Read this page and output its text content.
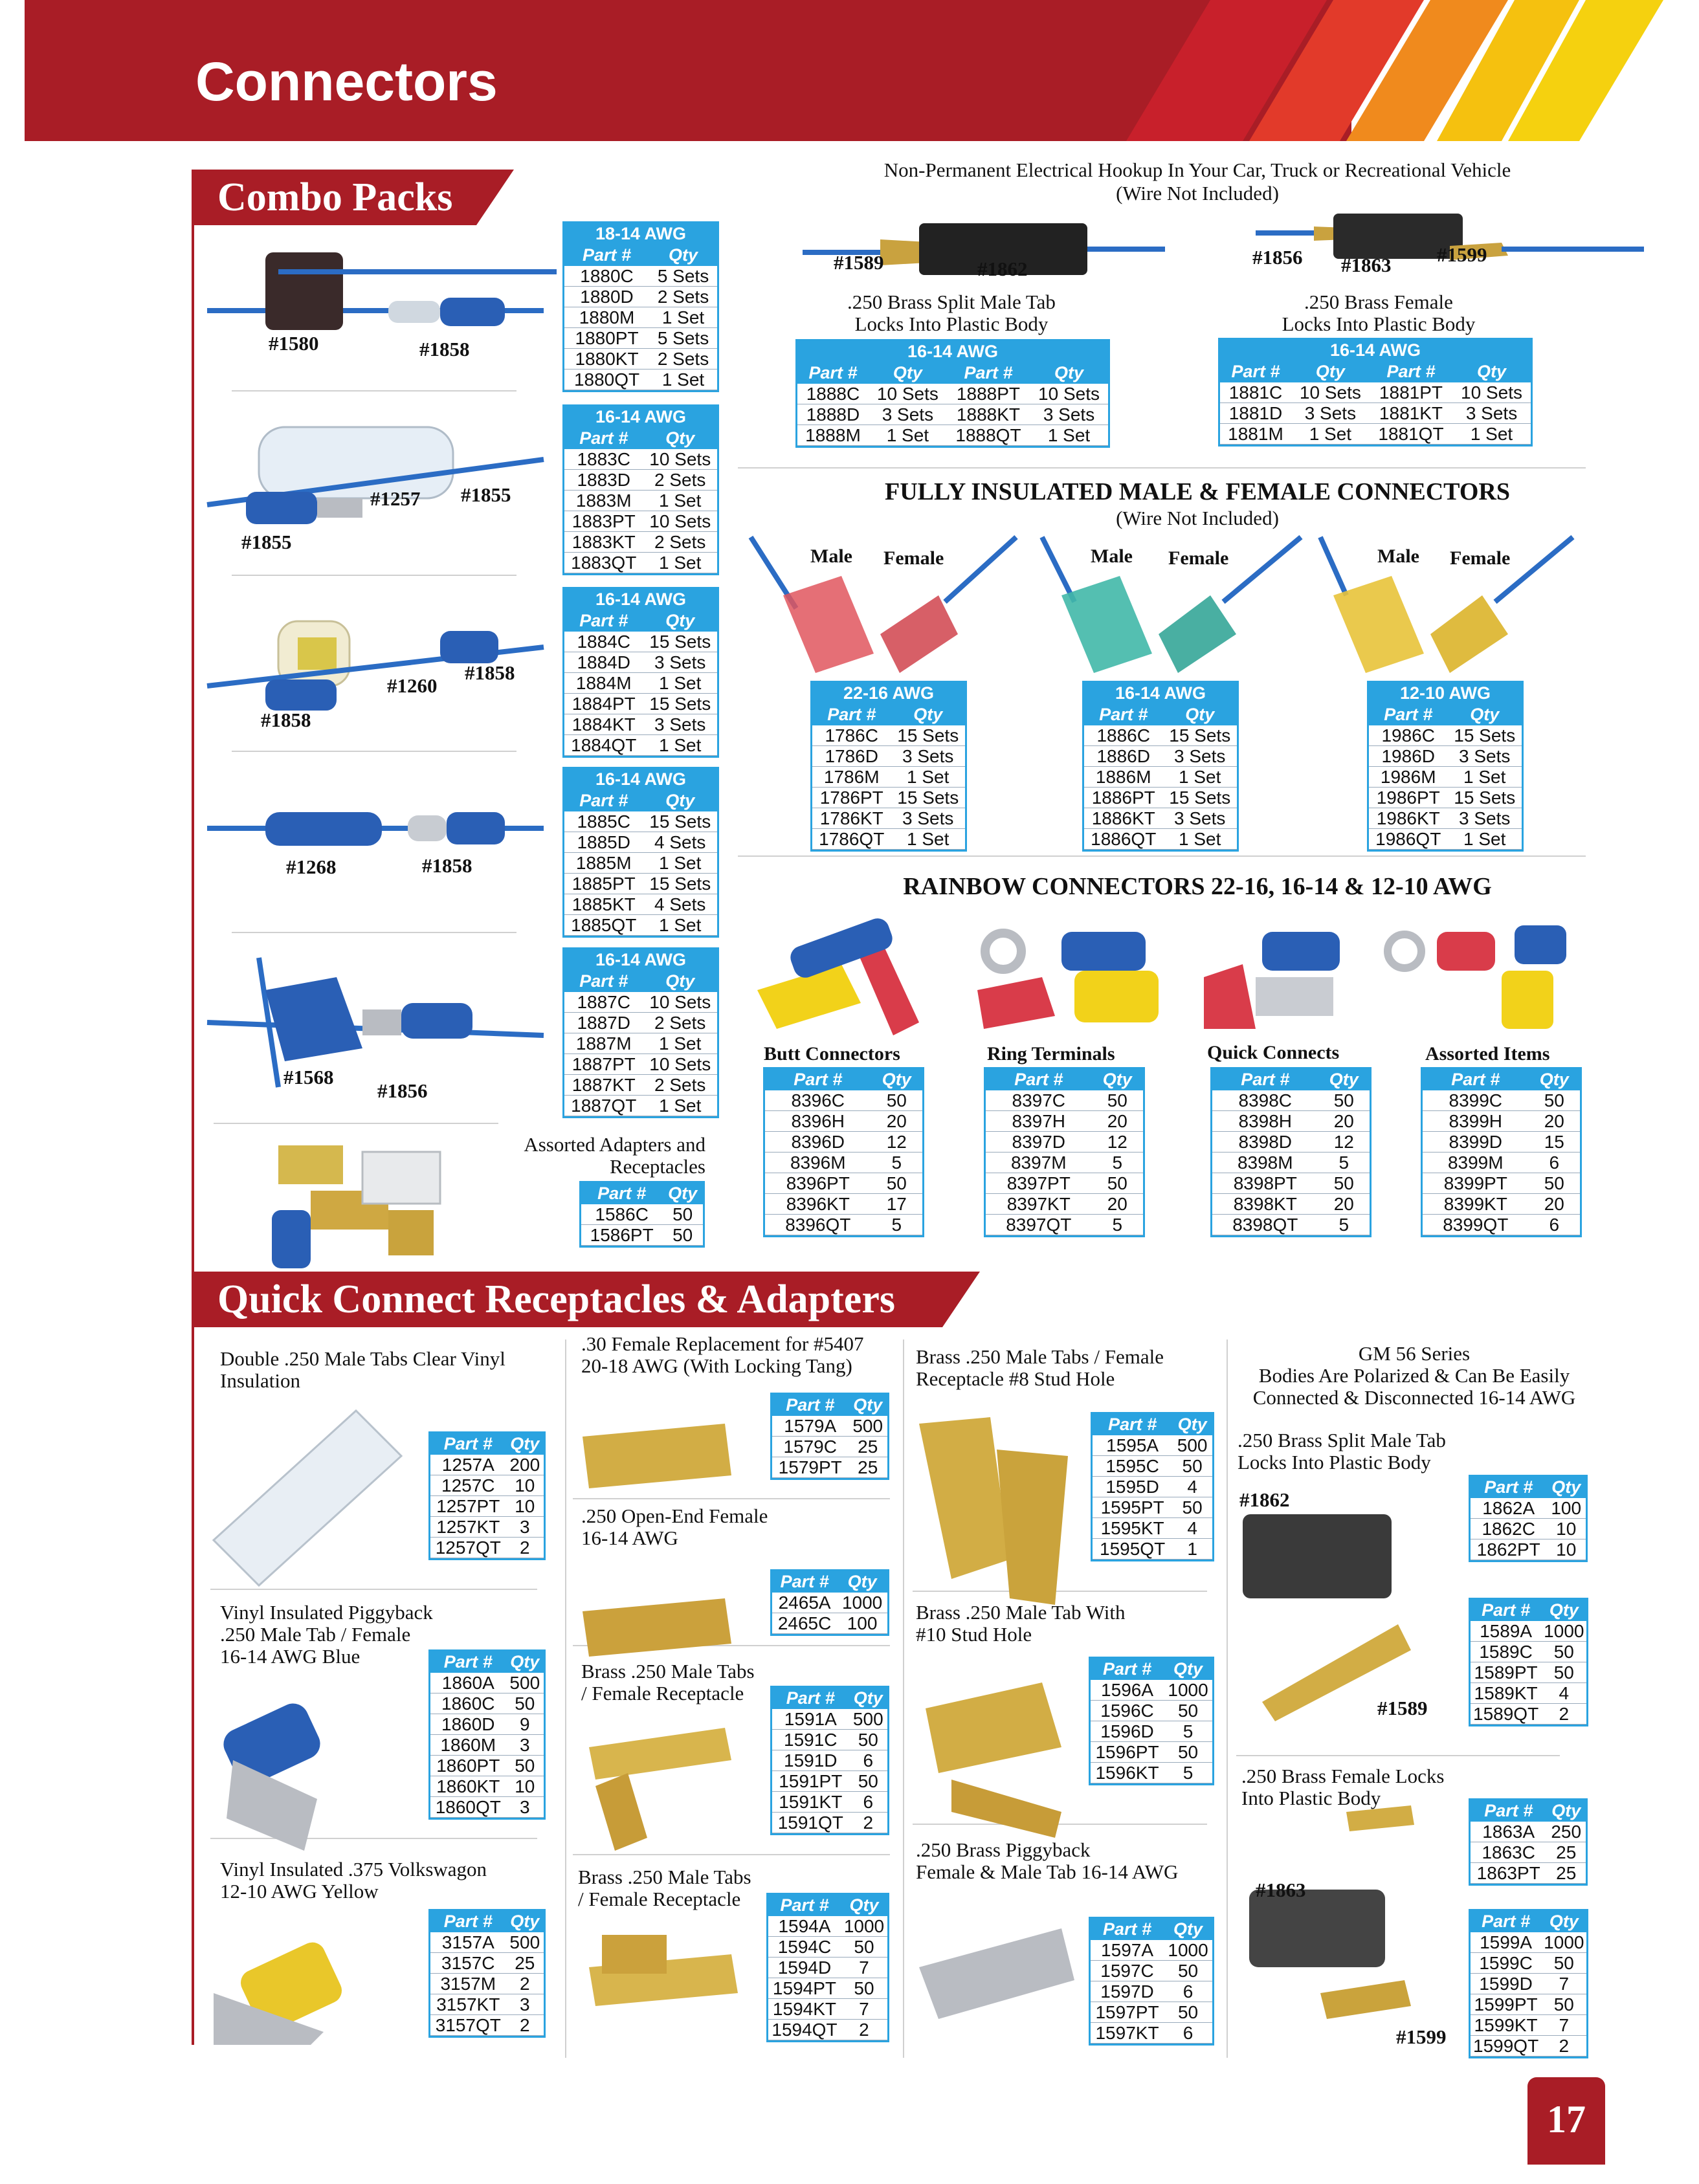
Connectors
Combo Packs
#1580	#1858
#1257 #1855
#1855
#1260
#1858
#1858
#1268	#1858
#1568
#1856
18-14 AWG	
Part #	Qty
1880C	5 Sets
1880D	2 Sets
1880M	1 Set
1880PT	5 Sets
1880KT	2 Sets
1880QT	1 Set
16-14 AWG	
Part #	Qty
1883C	10 Sets
1883D	2 Sets
1883M	1 Set
1883PT	10 Sets
1883KT	2 Sets
1883QT	1 Set
16-14 AWG	
Part #	Qty
1884C	15 Sets
1884D	3 Sets
1884M	1 Set
1884PT	15 Sets
1884KT	3 Sets
1884QT	1 Set
16-14 AWG	
Part #	Qty
1885C	15 Sets
1885D	4 Sets
1885M	1 Set
1885PT	15 Sets
1885KT	4 Sets
1885QT	1 Set
16-14 AWG	
Part #	Qty
1887C	10 Sets
1887D	2 Sets
1887M	1 Set
1887PT	10 Sets
1887KT	2 Sets
1887QT	1 Set
Assorted Adapters and
Receptacles
Part #	Qty
1586C	50
1586PT	50
Non-Permanent Electrical Hookup In Your Car, Truck or Recreational Vehicle
(Wire Not Included)
#1589	#1862
#1856 #1863 #1599
.250 Brass Split Male Tab
Locks Into Plastic Body
.250 Brass Female
Locks Into Plastic Body
16-14 AWG			
Part #	Qty	Part #	Qty
1888C	10 Sets	1888PT	10 Sets
1888D	3 Sets	1888KT	3 Sets
1888M	1 Set	1888QT	1 Set
16-14 AWG			
Part #	Qty	Part #	Qty
1881C	10 Sets	1881PT	10 Sets
1881D	3 Sets	1881KT	3 Sets
1881M	1 Set	1881QT	1 Set
FULLY INSULATED MALE & FEMALE CONNECTORS
(Wire Not Included)
Male Female	Male Female	Male Female
22-16 AWG	
Part #	Qty
1786C	15 Sets
1786D	3 Sets
1786M	1 Set
1786PT	15 Sets
1786KT	3 Sets
1786QT	1 Set
16-14 AWG	
Part #	Qty
1886C	15 Sets
1886D	3 Sets
1886M	1 Set
1886PT	15 Sets
1886KT	3 Sets
1886QT	1 Set
12-10 AWG	
Part #	Qty
1986C	15 Sets
1986D	3 Sets
1986M	1 Set
1986PT	15 Sets
1986KT	3 Sets
1986QT	1 Set
RAINBOW CONNECTORS 22-16, 16-14 & 12-10 AWG
Butt Connectors	Ring Terminals	Quick Connects	Assorted Items
Part #	Qty
8396C	50
8396H	20
8396D	12
8396M	5
8396PT	50
8396KT	17
8396QT	5
Part #	Qty
8397C	50
8397H	20
8397D	12
8397M	5
8397PT	50
8397KT	20
8397QT	5
Part #	Qty
8398C	50
8398H	20
8398D	12
8398M	5
8398PT	50
8398KT	20
8398QT	5
Part #	Qty
8399C	50
8399H	20
8399D	15
8399M	6
8399PT	50
8399KT	20
8399QT	6
Quick Connect Receptacles & Adapters
Double .250 Male Tabs Clear Vinyl
Insulation
Vinyl Insulated Piggyback
.250 Male Tab / Female
16-14 AWG Blue
Vinyl Insulated .375 Volkswagon
12-10 AWG Yellow
Part #	Qty
1257A	200
1257C	10
1257PT	10
1257KT	3
1257QT	2
Part #	Qty
1860A	500
1860C	50
1860D	9
1860M	3
1860PT	50
1860KT	10
1860QT	3
Part #	Qty
3157A	500
3157C	25
3157M	2
3157KT	3
3157QT	2
.30 Female Replacement for #5407
20-18 AWG (With Locking Tang)
.250 Open-End Female
16-14 AWG
Brass .250 Male Tabs
/ Female Receptacle
Brass .250 Male Tabs
/ Female Receptacle
Part #	Qty
1579A	500
1579C	25
1579PT	25
Part #	Qty
2465A	1000
2465C	100
Part #	Qty
1591A	500
1591C	50
1591D	6
1591PT	50
1591KT	6
1591QT	2
Part #	Qty
1594A	1000
1594C	50
1594D	7
1594PT	50
1594KT	7
1594QT	2
Brass .250 Male Tabs / Female
Receptacle #8 Stud Hole
Brass .250 Male Tab With
#10 Stud Hole
.250 Brass Piggyback
Female & Male Tab 16-14 AWG
Part #	Qty
1595A	500
1595C	50
1595D	4
1595PT	50
1595KT	4
1595QT	1
Part #	Qty
1596A	1000
1596C	50
1596D	5
1596PT	50
1596KT	5
Part #	Qty
1597A	1000
1597C	50
1597D	6
1597PT	50
1597KT	6
GM 56 Series
Bodies Are Polarized & Can Be Easily
Connected & Disconnected 16-14 AWG
.250 Brass Split Male Tab
Locks Into Plastic Body
.250 Brass Female Locks
Into Plastic Body
#1862
#1589
#1863
#1599
Part #	Qty
1862A	100
1862C	10
1862PT	10
Part #	Qty
1589A	1000
1589C	50
1589PT	50
1589KT	4
1589QT	2
Part #	Qty
1863A	250
1863C	25
1863PT	25
Part #	Qty
1599A	1000
1599C	50
1599D	7
1599PT	50
1599KT	7
1599QT	2
17
